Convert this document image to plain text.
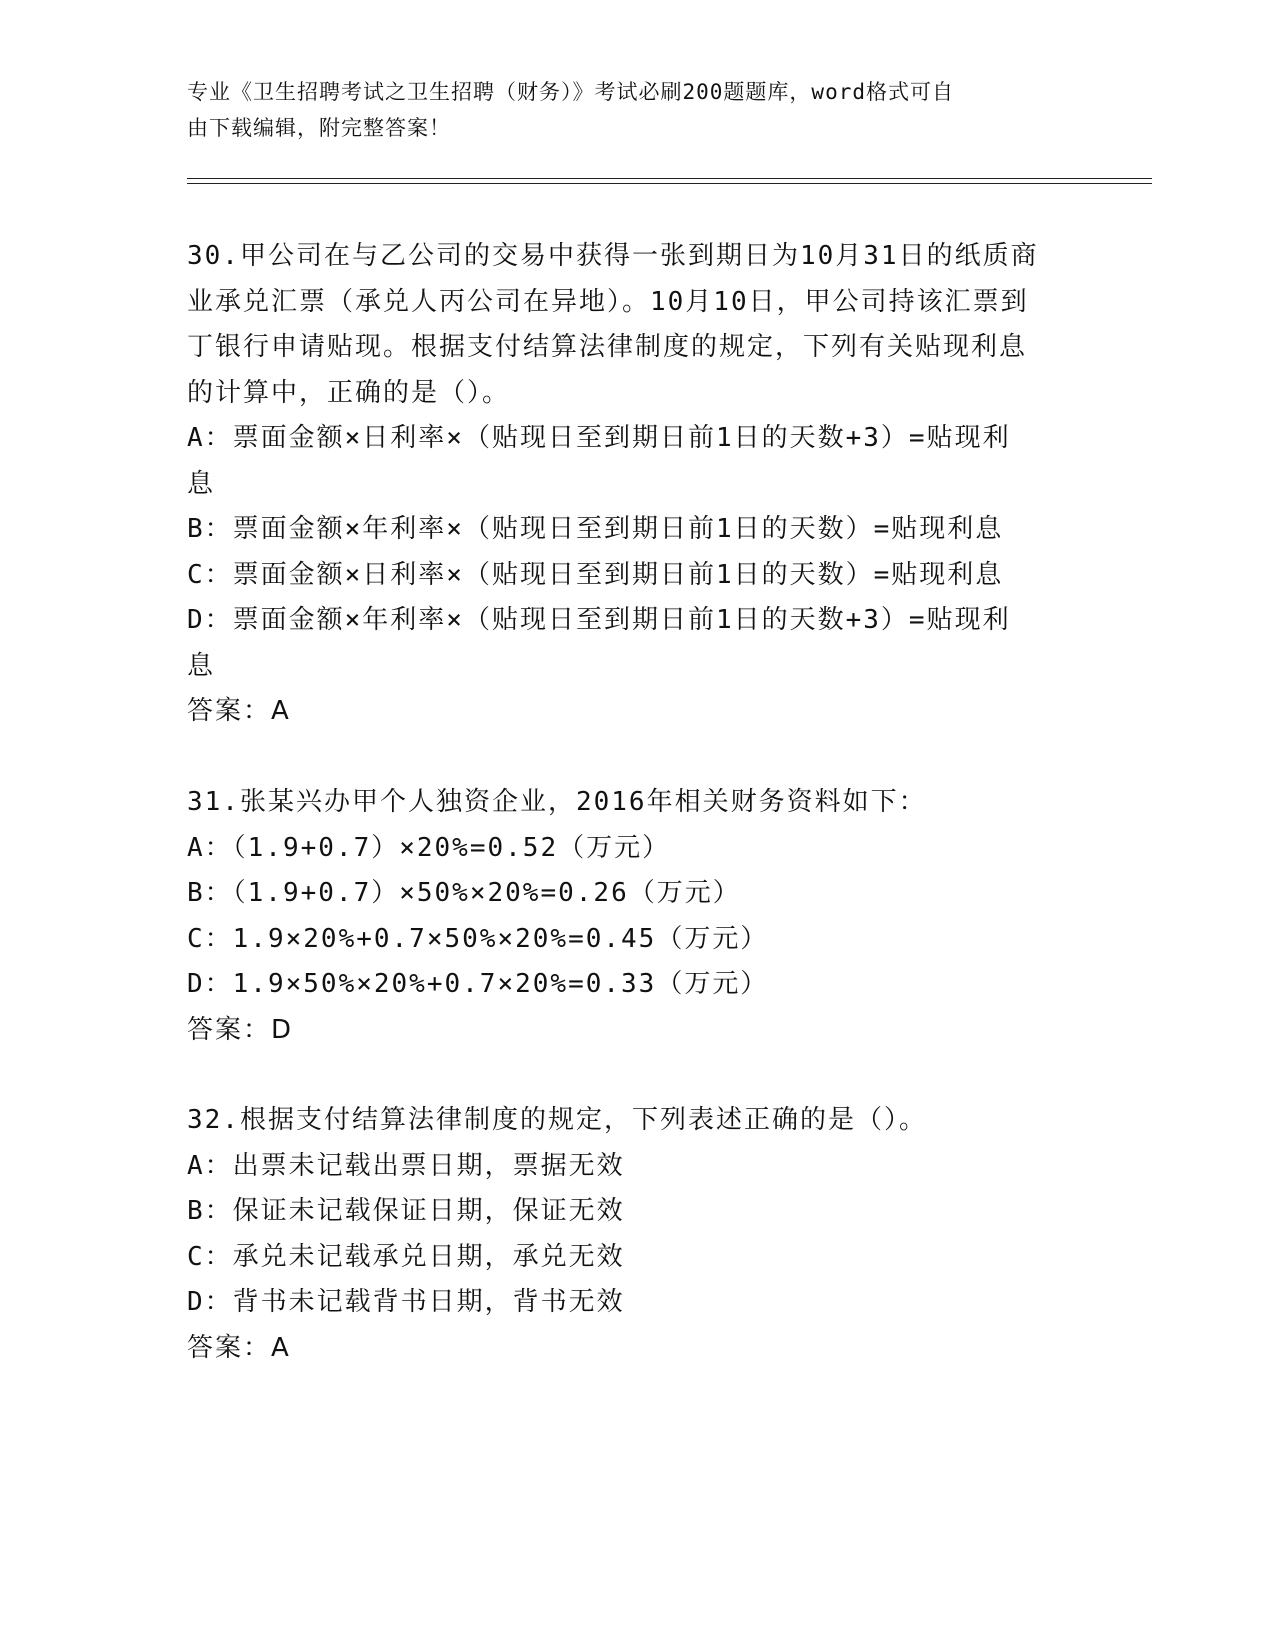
专业《卫生招聘考试之卫生招聘（财务）》考试必刷200题题库，word格式可自
由下载编辑，附完整答案！
30.甲公司在与乙公司的交易中获得一张到期日为10月31日的纸质商
业承兑汇票（承兑人丙公司在异地）。10月10日，甲公司持该汇票到
丁银行申请贴现。根据支付结算法律制度的规定，下列有关贴现利息
的计算中，正确的是（）。
A：票面金额×日利率×（贴现日至到期日前1日的天数+3）=贴现利
息
B：票面金额×年利率×（贴现日至到期日前1日的天数）=贴现利息
C：票面金额×日利率×（贴现日至到期日前1日的天数）=贴现利息
D：票面金额×年利率×（贴现日至到期日前1日的天数+3）=贴现利
息
答案：A
31.张某兴办甲个人独资企业，2016年相关财务资料如下：
A：（1.9+0.7）×20%=0.52（万元）
B：（1.9+0.7）×50%×20%=0.26（万元）
C：1.9×20%+0.7×50%×20%=0.45（万元）
D：1.9×50%×20%+0.7×20%=0.33（万元）
答案：D
32.根据支付结算法律制度的规定，下列表述正确的是（）。
A：出票未记载出票日期，票据无效
B：保证未记载保证日期，保证无效
C：承兑未记载承兑日期，承兑无效
D：背书未记载背书日期，背书无效
答案：A
